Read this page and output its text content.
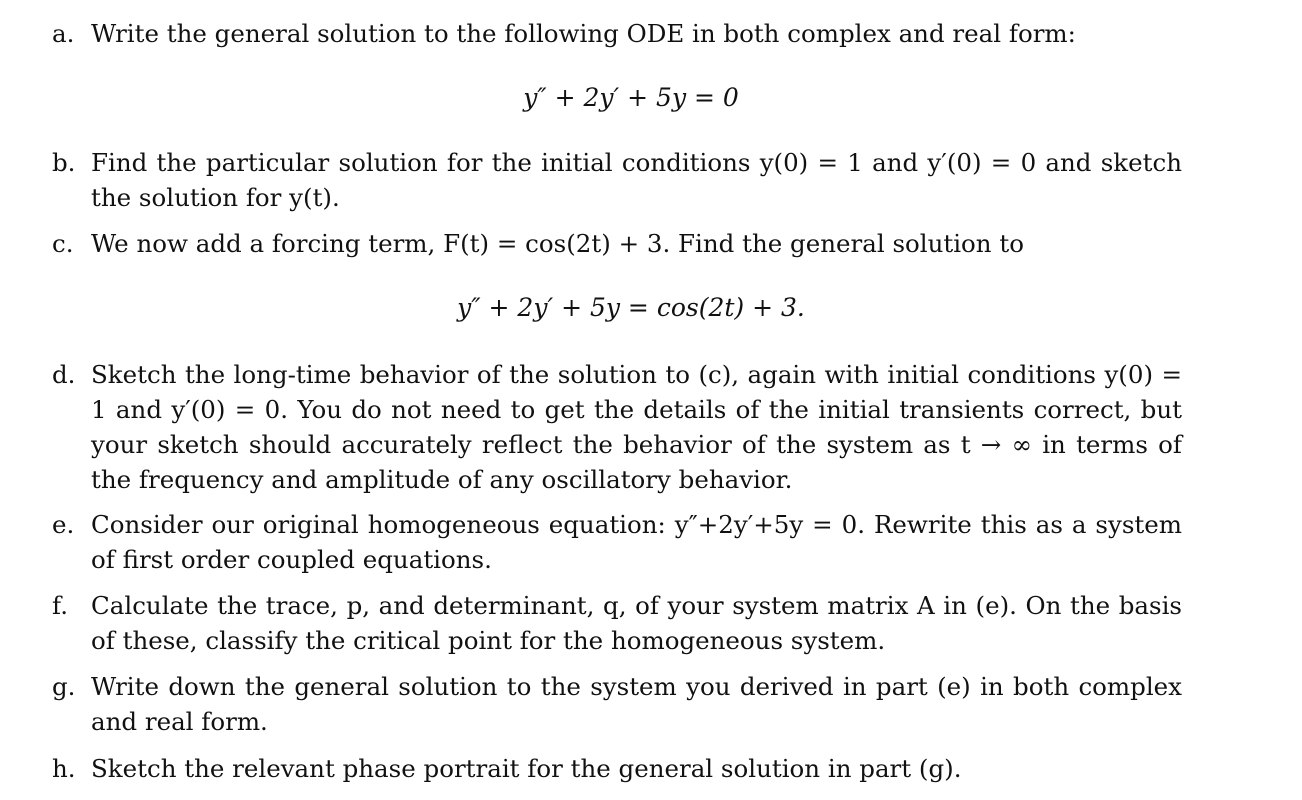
a. Write the general solution to the following ODE in both complex and real form:
y″ + 2y′ + 5y = 0
b. Find the particular solution for the initial conditions y(0) = 1 and y′(0) = 0 and sketch the solution for y(t).
c. We now add a forcing term, F(t) = cos(2t) + 3. Find the general solution to
y″ + 2y′ + 5y = cos(2t) + 3.
d. Sketch the long-time behavior of the solution to (c), again with initial conditions y(0) = 1 and y′(0) = 0. You do not need to get the details of the initial transients correct, but your sketch should accurately reflect the behavior of the system as t → ∞ in terms of the frequency and amplitude of any oscillatory behavior.
e. Consider our original homogeneous equation: y″+2y′+5y = 0. Rewrite this as a system of first order coupled equations.
f. Calculate the trace, p, and determinant, q, of your system matrix A in (e). On the basis of these, classify the critical point for the homogeneous system.
g. Write down the general solution to the system you derived in part (e) in both complex and real form.
h. Sketch the relevant phase portrait for the general solution in part (g).
